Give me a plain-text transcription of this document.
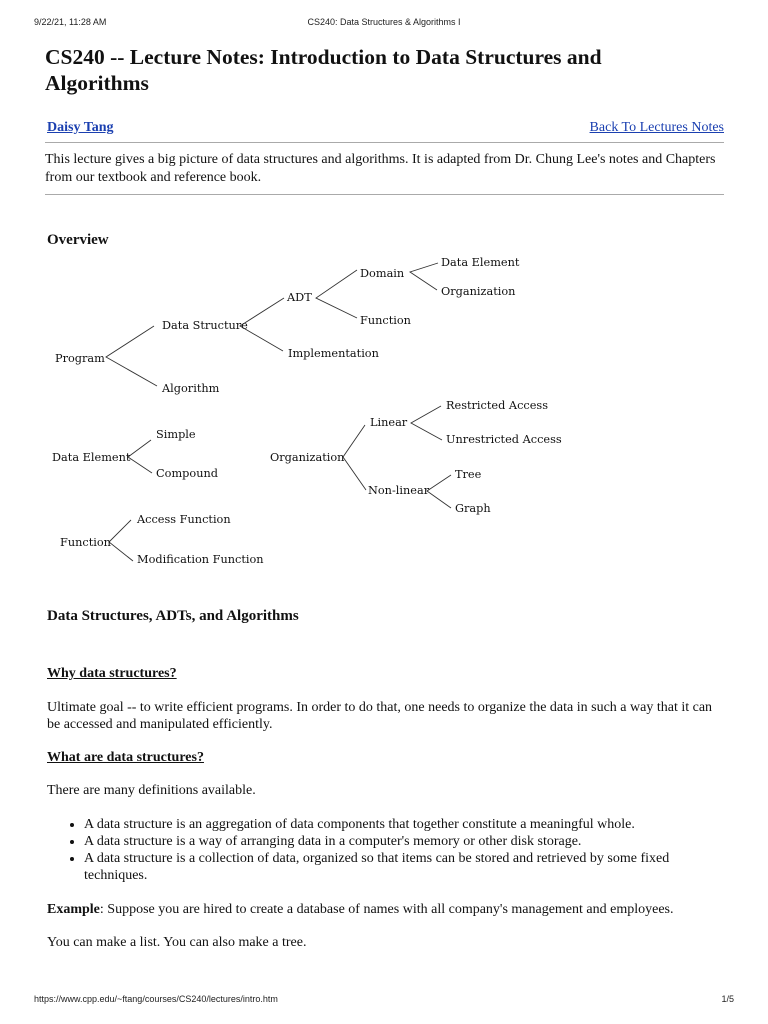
9/22/21, 11:28 AM	CS240: Data Structures & Algorithms I
CS240 -- Lecture Notes: Introduction to Data Structures and Algorithms
Daisy Tang	Back To Lectures Notes

This lecture gives a big picture of data structures and algorithms. It is adapted from Dr. Chung Lee's notes and Chapters from our textbook and reference book.

Overview
Program
Data Structure
Algorithm
ADT
Implementation
Domain
Function
Data Element
Organization
Data Element
Simple
Compound
Organization
Linear
Non-linear
Restricted Access
Unrestricted Access
Tree
Graph
Function
Access Function
Modification Function
Data Structures, ADTs, and Algorithms
Why data structures?

Ultimate goal -- to write efficient programs. In order to do that, one needs to organize the data in such a way that it can be accessed and manipulated efficiently.

What are data structures?

There are many definitions available.

• A data structure is an aggregation of data components that together constitute a meaningful whole.
• A data structure is a way of arranging data in a computer's memory or other disk storage.
• A data structure is a collection of data, organized so that items can be stored and retrieved by some fixed techniques.

Example: Suppose you are hired to create a database of names with all company's management and employees.

You can make a list. You can also make a tree.

https://www.cpp.edu/~ftang/courses/CS240/lectures/intro.htm	1/5
